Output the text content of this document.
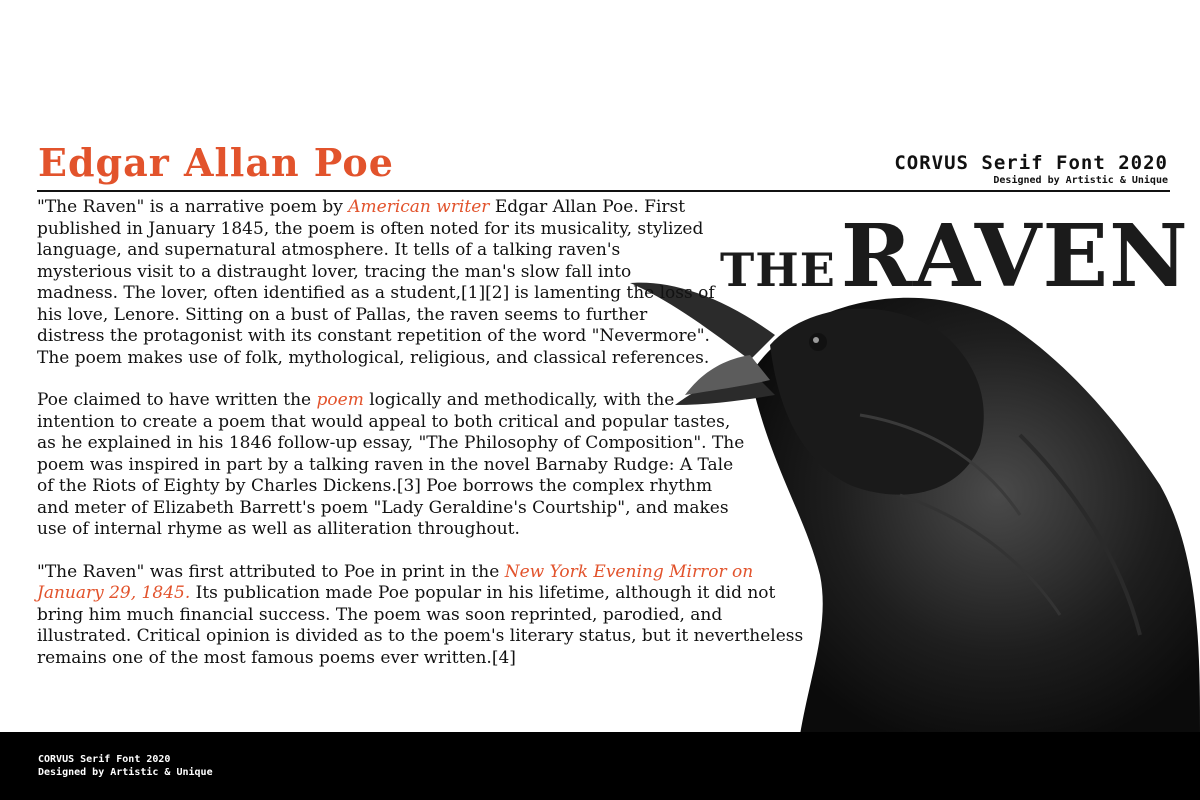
Edgar Allan Poe	CORVUS Serif Font 2020
Designed by Artistic & Unique
THE RAVEN

"The Raven" is a narrative poem by American writer Edgar Allan Poe. First published in January 1845, the poem is often noted for its musicality, stylized language, and supernatural atmosphere. It tells of a talking raven's mysterious visit to a distraught lover, tracing the man's slow fall into madness. The lover, often identified as a student,[1][2] is lamenting the loss of his love, Lenore. Sitting on a bust of Pallas, the raven seems to further distress the protagonist with its constant repetition of the word "Nevermore". The poem makes use of folk, mythological, religious, and classical references.

Poe claimed to have written the poem logically and methodically, with the intention to create a poem that would appeal to both critical and popular tastes, as he explained in his 1846 follow-up essay, "The Philosophy of Composition". The poem was inspired in part by a talking raven in the novel Barnaby Rudge: A Tale of the Riots of Eighty by Charles Dickens.[3] Poe borrows the complex rhythm and meter of Elizabeth Barrett's poem "Lady Geraldine's Courtship", and makes use of internal rhyme as well as alliteration throughout.

"The Raven" was first attributed to Poe in print in the New York Evening Mirror on January 29, 1845. Its publication made Poe popular in his lifetime, although it did not bring him much financial success. The poem was soon reprinted, parodied, and illustrated. Critical opinion is divided as to the poem's literary status, but it nevertheless remains one of the most famous poems ever written.[4]

CORVUS Serif Font 2020
Designed by Artistic & Unique
